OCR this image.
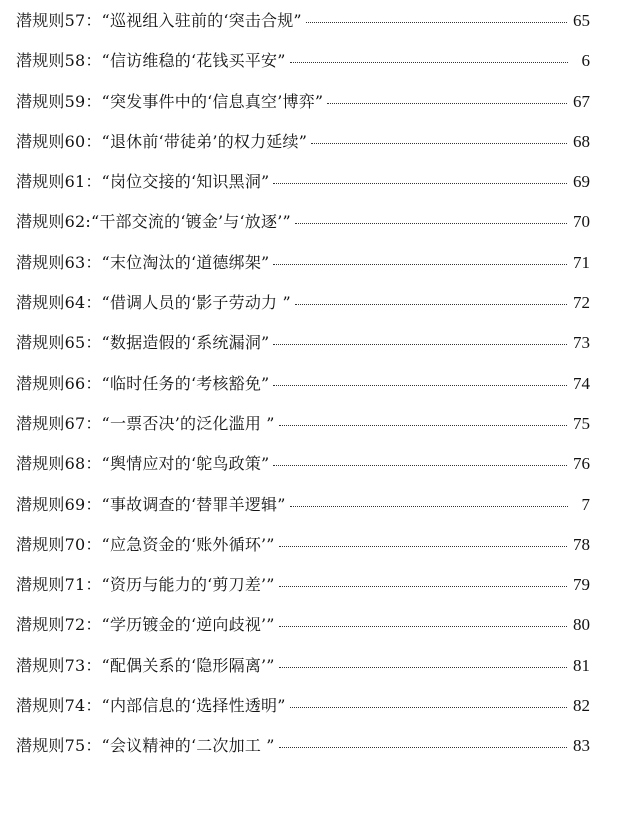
潜规则57：“巡视组入驻前的‘突击合规”	65
潜规则58：“信访维稳的‘花钱买平安”	6
潜规则59：“突发事件中的‘信息真空’博弈”	67
潜规则60：“退休前‘带徒弟’的权力延续”	68
潜规则61：“岗位交接的‘知识黑洞”	69
潜规则62:“干部交流的‘镀金’与‘放逐’”	70
潜规则63：“末位淘汰的‘道德绑架”	71
潜规则64：“借调人员的‘影子劳动力 ”	72
潜规则65：“数据造假的‘系统漏洞”	73
潜规则66：“临时任务的‘考核豁免”	74
潜规则67：“一票否决’的泛化滥用 ”	75
潜规则68：“舆情应对的‘鸵鸟政策”	76
潜规则69：“事故调查的‘替罪羊逻辑”	7
潜规则70：“应急资金的‘账外循环’”	78
潜规则71：“资历与能力的‘剪刀差’”	79
潜规则72：“学历镀金的‘逆向歧视’”	80
潜规则73：“配偶关系的‘隐形隔离’”	81
潜规则74：“内部信息的‘选择性透明”	82
潜规则75：“会议精神的‘二次加工 ”	83
